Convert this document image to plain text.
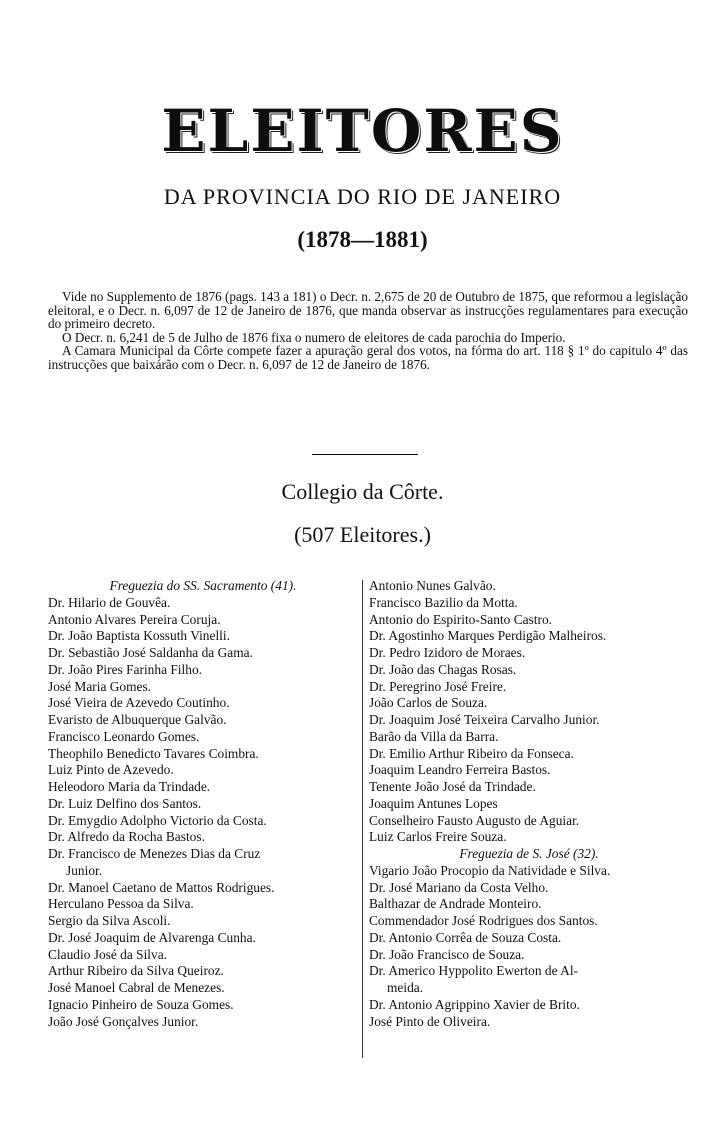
ELEITORES
DA PROVINCIA DO RIO DE JANEIRO
(1878—1881)

Vide no Supplemento de 1876 (pags. 143 a 181) o Decr. n. 2,675 de 20 de Outubro de 1875, que reformou a legislação eleitoral, e o Decr. n. 6,097 de 12 de Janeiro de 1876, que manda observar as instrucções regulamentares para execução do primeiro decreto.

O Decr. n. 6,241 de 5 de Julho de 1876 fixa o numero de eleitores de cada parochia do Imperio.

A Camara Municipal da Côrte compete fazer a apuração geral dos votos, na fórma do art. 118 § 1º do capitulo 4º das instrucções que baixárão com o Decr. n. 6,097 de 12 de Janeiro de 1876.

Collegio da Côrte.
(507 Eleitores.)
Freguezia do SS. Sacramento (41).
Dr. Hilario de Gouvêa.
Antonio Alvares Pereira Coruja.
Dr. João Baptista Kossuth Vinelli.
Dr. Sebastião José Saldanha da Gama.
Dr. João Pires Farinha Filho.
José Maria Gomes.
José Vieira de Azevedo Coutinho.
Evaristo de Albuquerque Galvão.
Francisco Leonardo Gomes.
Theophilo Benedicto Tavares Coimbra.
Luiz Pinto de Azevedo.
Heleodoro Maria da Trindade.
Dr. Luiz Delfino dos Santos.
Dr. Emygdio Adolpho Victorio da Costa.
Dr. Alfredo da Rocha Bastos.
Dr. Francisco de Menezes Dias da Cruz
Junior.
Dr. Manoel Caetano de Mattos Rodrigues.
Herculano Pessoa da Silva.
Sergio da Silva Ascoli.
Dr. José Joaquim de Alvarenga Cunha.
Claudio José da Silva.
Arthur Ribeiro da Silva Queiroz.
José Manoel Cabral de Menezes.
Ignacio Pinheiro de Souza Gomes.
João José Gonçalves Junior.
Antonio Nunes Galvão.
Francisco Bazilio da Motta.
Antonio do Espirito-Santo Castro.
Dr. Agostinho Marques Perdigão Malheiros.
Dr. Pedro Izidoro de Moraes.
Dr. João das Chagas Rosas.
Dr. Peregrino José Freire.
João Carlos de Souza.
Dr. Joaquim José Teixeira Carvalho Junior.
Barão da Villa da Barra.
Dr. Emilio Arthur Ribeiro da Fonseca.
Joaquim Leandro Ferreira Bastos.
Tenente João José da Trindade.
Joaquim Antunes Lopes
Conselheiro Fausto Augusto de Aguiar.
Luiz Carlos Freire Souza.
Freguezia de S. José (32).
Vigario João Procopio da Natividade e Silva.
Dr. José Mariano da Costa Velho.
Balthazar de Andrade Monteiro.
Commendador José Rodrigues dos Santos.
Dr. Antonio Corrêa de Souza Costa.
Dr. João Francisco de Souza.
Dr. Americo Hyppolito Ewerton de Al-
meida.
Dr. Antonio Agrippino Xavier de Brito.
José Pinto de Oliveira.
